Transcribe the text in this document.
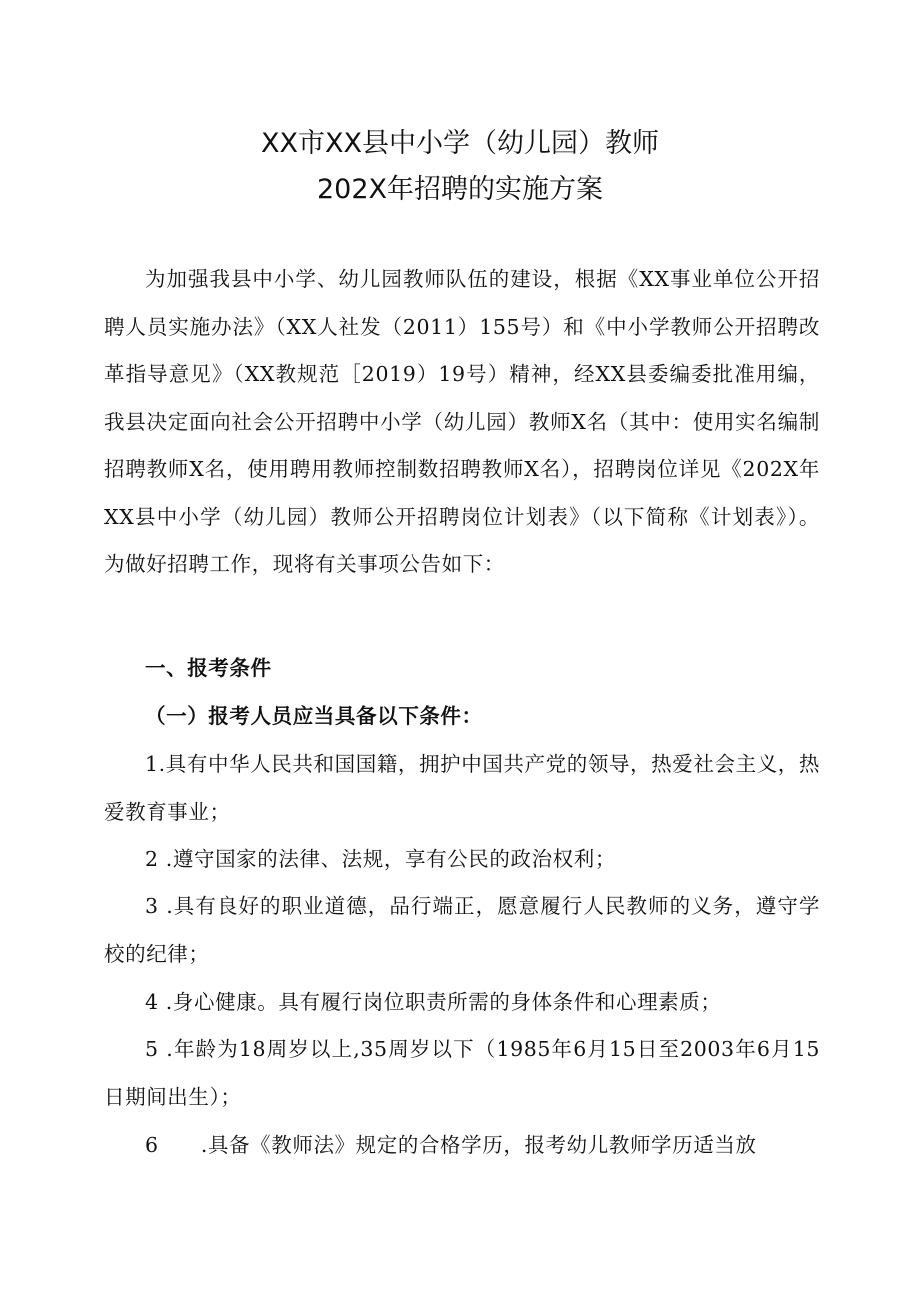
XX市XX县中小学（幼儿园）教师
202X年招聘的实施方案
为加强我县中小学、幼儿园教师队伍的建设，根据《XX事业单位公开招聘人员实施办法》（XX人社发（2011）155号）和《中小学教师公开招聘改革指导意见》（XX教规范［2019）19号）精神，经XX县委编委批准用编，我县决定面向社会公开招聘中小学（幼儿园）教师X名（其中：使用实名编制招聘教师X名，使用聘用教师控制数招聘教师X名），招聘岗位详见《202X年XX县中小学（幼儿园）教师公开招聘岗位计划表》（以下简称《计划表》）。为做好招聘工作，现将有关事项公告如下：
一、报考条件
（一）报考人员应当具备以下条件：
1.具有中华人民共和国国籍，拥护中国共产党的领导，热爱社会主义，热爱教育事业；
2 .遵守国家的法律、法规，享有公民的政治权利；
3 .具有良好的职业道德，品行端正，愿意履行人民教师的义务，遵守学校的纪律；
4 .身心健康。具有履行岗位职责所需的身体条件和心理素质；
5 .年龄为18周岁以上,35周岁以下（1985年6月15日至2003年6月15日期间出生）；
6　　.具备《教师法》规定的合格学历，报考幼儿教师学历适当放
